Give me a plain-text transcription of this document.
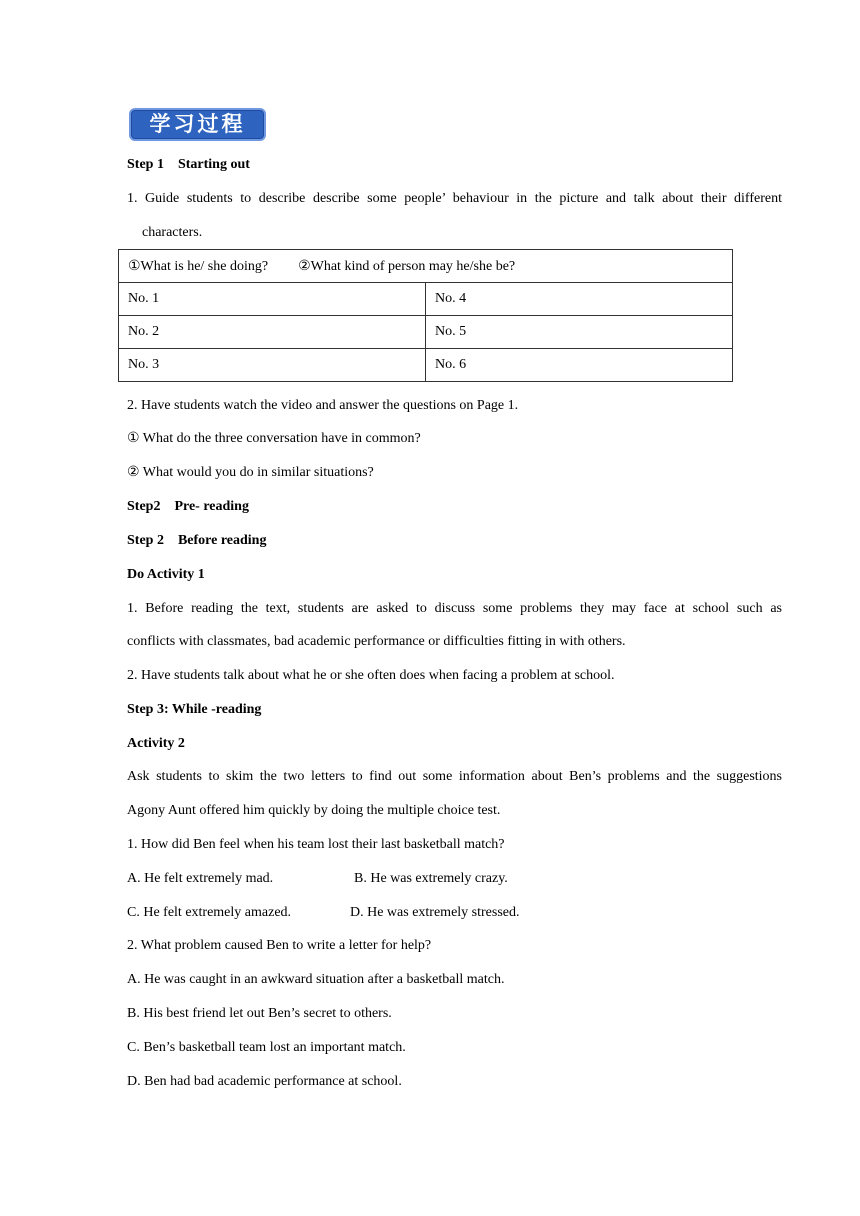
学习过程
Step 1　Starting out
1. Guide students to describe describe some people’ behaviour in the picture and talk about their different
characters.
①What is he/ she doing? ②What kind of person may he/she be?	
No. 1	No. 4
No. 2	No. 5
No. 3	No. 6
2. Have students watch the video and answer the questions on Page 1.
① What do the three conversation have in common?
② What would you do in similar situations?
Step2　Pre- reading
Step 2　Before reading
Do Activity 1
1. Before reading the text, students are asked to discuss some problems they may face at school such as
conflicts with classmates, bad academic performance or difficulties fitting in with others.
2. Have students talk about what he or she often does when facing a problem at school.
Step 3: While -reading
Activity 2
Ask students to skim the two letters to find out some information about Ben’s problems and the suggestions
Agony Aunt offered him quickly by doing the multiple choice test.
1. How did Ben feel when his team lost their last basketball match?
A. He felt extremely mad.	B. He was extremely crazy.
C. He felt extremely amazed.	D. He was extremely stressed.
2. What problem caused Ben to write a letter for help?
A. He was caught in an awkward situation after a basketball match.
B. His best friend let out Ben’s secret to others.
C. Ben’s basketball team lost an important match.
D. Ben had bad academic performance at school.
